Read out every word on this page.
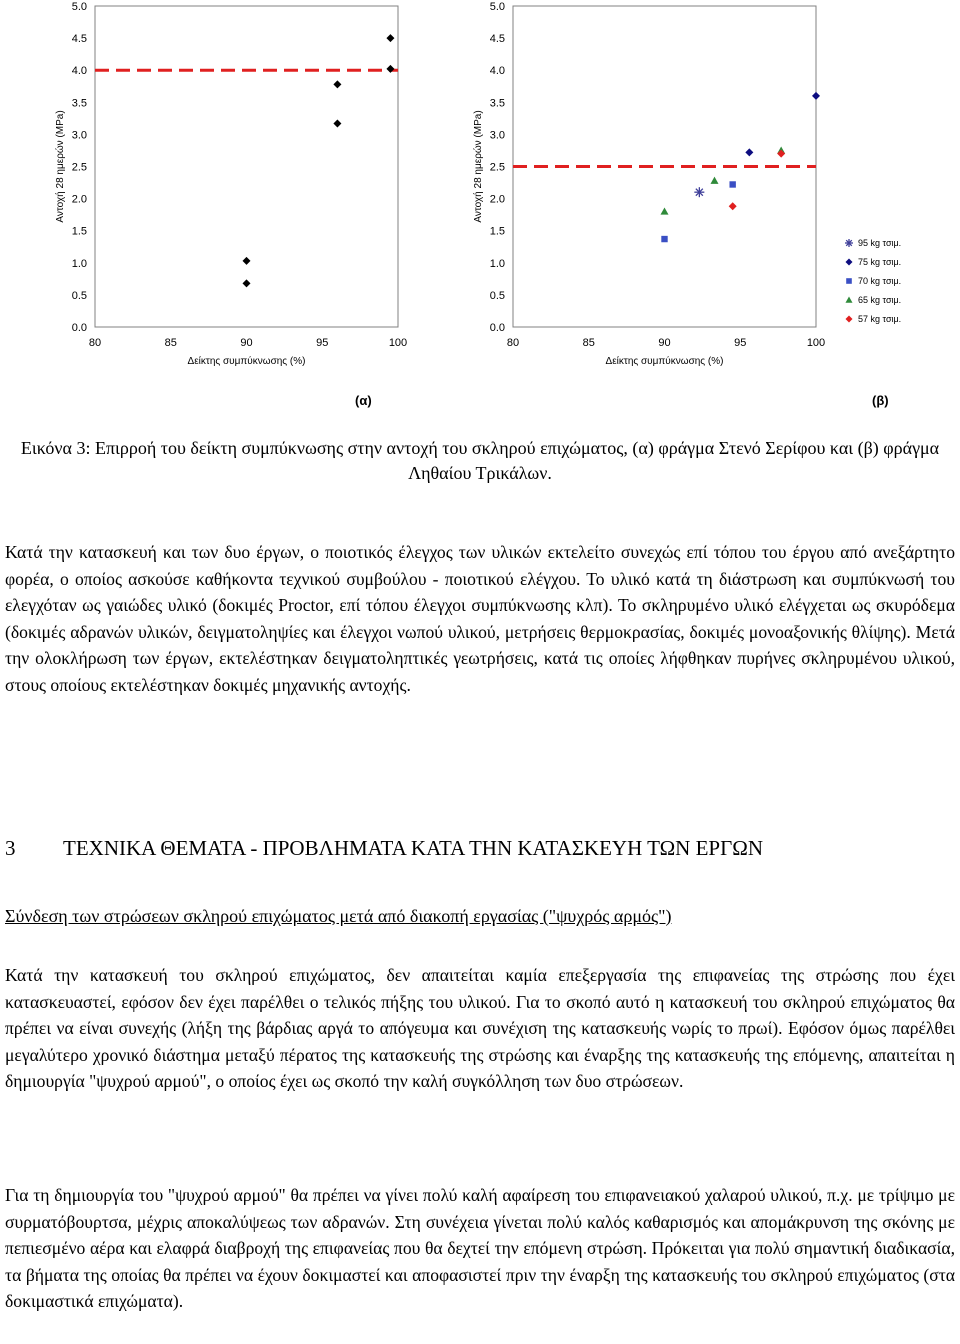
0.0
0.5
1.0
1.5
2.0
2.5
3.0
3.5
4.0
4.5
5.0
80	85	90	95	100
Αντοχή 28 ημερών (MPa)
Δείκτης συμπύκνωσης (%)
0.0
0.5
1.0
1.5
2.0
2.5
3.0
3.5
4.0
4.5
5.0
80	85	90	95	100
Αντοχή 28 ημερών (MPa)
Δείκτης συμπύκνωσης (%)
95 kg τσιμ.
75 kg τσιμ.
70 kg τσιμ.
65 kg τσιμ.
57 kg τσιμ.
(α)	(β)

Εικόνα 3: Επιρροή του δείκτη συμπύκνωσης στην αντοχή του σκληρού επιχώματος, (α) φράγμα Στενό Σερίφου και (β) φράγμα Ληθαίου Τρικάλων.

Κατά την κατασκευή και των δυο έργων, ο ποιοτικός έλεγχος των υλικών εκτελείτο συνεχώς επί τόπου του έργου από ανεξάρτητο φορέα, ο οποίος ασκούσε καθήκοντα τεχνικού συμβούλου - ποιοτικού ελέγχου. Το υλικό κατά τη διάστρωση και συμπύκνωσή του ελεγχόταν ως γαιώδες υλικό (δοκιμές Proctor, επί τόπου έλεγχοι συμπύκνωσης κλπ). Το σκληρυμένο υλικό ελέγχεται ως σκυρόδεμα (δοκιμές αδρανών υλικών, δειγματοληψίες και έλεγχοι νωπού υλικού, μετρήσεις θερμοκρασίας, δοκιμές μονοαξονικής θλίψης). Μετά την ολοκλήρωση των έργων, εκτελέστηκαν δειγματοληπτικές γεωτρήσεις, κατά τις οποίες λήφθηκαν πυρήνες σκληρυμένου υλικού, στους οποίους εκτελέστηκαν δοκιμές μηχανικής αντοχής.

3 ΤΕΧΝΙΚΑ ΘΕΜΑΤΑ - ΠΡΟΒΛΗΜΑΤΑ ΚΑΤΑ ΤΗΝ ΚΑΤΑΣΚΕΥΗ ΤΩΝ ΕΡΓΩΝ

Σύνδεση των στρώσεων σκληρού επιχώματος μετά από διακοπή εργασίας ("ψυχρός αρμός")

Κατά την κατασκευή του σκληρού επιχώματος, δεν απαιτείται καμία επεξεργασία της επιφανείας της στρώσης που έχει κατασκευαστεί, εφόσον δεν έχει παρέλθει ο τελικός πήξης του υλικού. Για το σκοπό αυτό η κατασκευή του σκληρού επιχώματος θα πρέπει να είναι συνεχής (λήξη της βάρδιας αργά το απόγευμα και συνέχιση της κατασκευής νωρίς το πρωί). Εφόσον όμως παρέλθει μεγαλύτερο χρονικό διάστημα μεταξύ πέρατος της κατασκευής της στρώσης και έναρξης της κατασκευής της επόμενης, απαιτείται η δημιουργία "ψυχρού αρμού", ο οποίος έχει ως σκοπό την καλή συγκόλληση των δυο στρώσεων.

Για τη δημιουργία του "ψυχρού αρμού" θα πρέπει να γίνει πολύ καλή αφαίρεση του επιφανειακού χαλαρού υλικού, π.χ. με τρίψιμο με συρματόβουρτσα, μέχρις αποκαλύψεως των αδρανών. Στη συνέχεια γίνεται πολύ καλός καθαρισμός και απομάκρυνση της σκόνης με πεπιεσμένο αέρα και ελαφρά διαβροχή της επιφανείας που θα δεχτεί την επόμενη στρώση. Πρόκειται για πολύ σημαντική διαδικασία, τα βήματα της οποίας θα πρέπει να έχουν δοκιμαστεί και αποφασιστεί πριν την έναρξη της κατασκευής του σκληρού επιχώματος (στα δοκιμαστικά επιχώματα).
